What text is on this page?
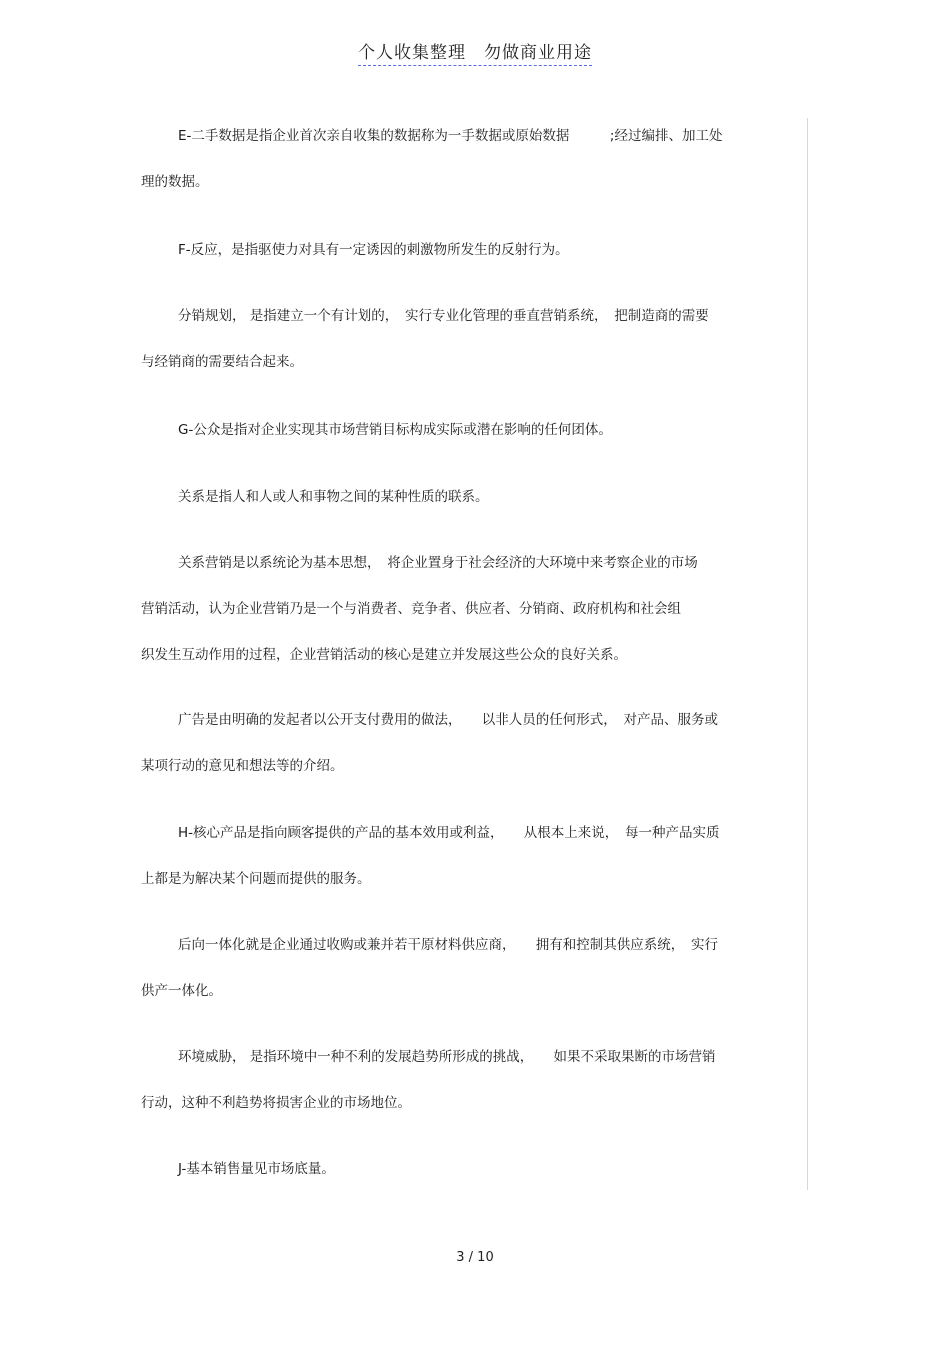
个人收集整理　勿做商业用途
E-二手数据是指企业首次亲自收集的数据称为一手数据或原始数据　　　;经过编排、加工处
理的数据。
F-反应，是指驱使力对具有一定诱因的刺激物所发生的反射行为。
分销规划， 是指建立一个有计划的，　实行专业化管理的垂直营销系统，　把制造商的需要
与经销商的需要结合起来。
G-公众是指对企业实现其市场营销目标构成实际或潜在影响的任何团体。
关系是指人和人或人和事物之间的某种性质的联系。
关系营销是以系统论为基本思想，　将企业置身于社会经济的大环境中来考察企业的市场
营销活动，认为企业营销乃是一个与消费者、竞争者、供应者、分销商、政府机构和社会组
织发生互动作用的过程，企业营销活动的核心是建立并发展这些公众的良好关系。
广告是由明确的发起者以公开支付费用的做法，　　以非人员的任何形式，　对产品、服务或
某项行动的意见和想法等的介绍。
H-核心产品是指向顾客提供的产品的基本效用或利益，　　从根本上来说，　每一种产品实质
上都是为解决某个问题而提供的服务。
后向一体化就是企业通过收购或兼并若干原材料供应商，　　拥有和控制其供应系统，　实行
供产一体化。
环境威胁， 是指环境中一种不利的发展趋势所形成的挑战，　　如果不采取果断的市场营销
行动，这种不利趋势将损害企业的市场地位。
J-基本销售量见市场底量。
3 / 10
